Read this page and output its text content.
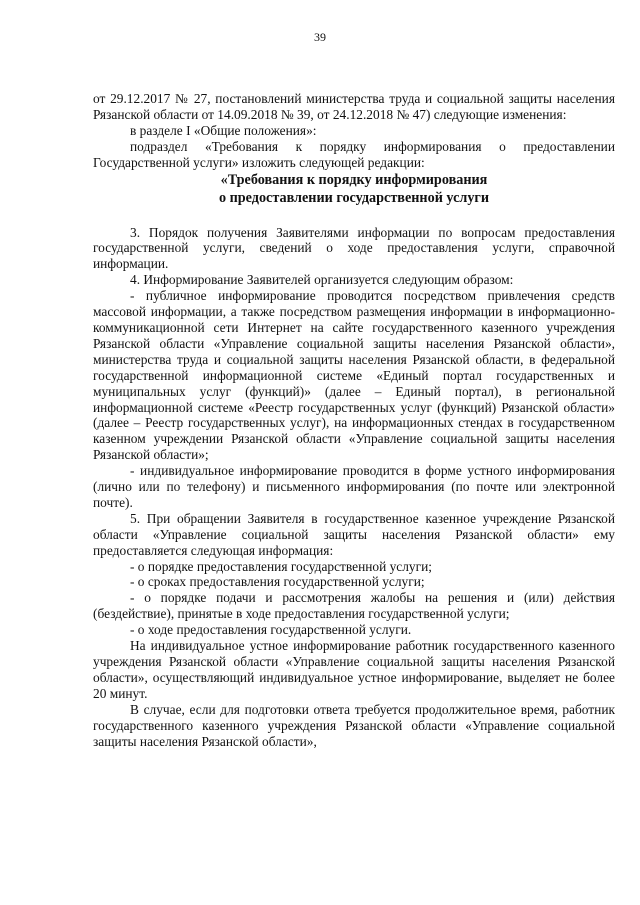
39

от 29.12.2017 № 27, постановлений министерства труда и социальной защиты населения Рязанской области от 14.09.2018 № 39, от 24.12.2018 № 47) следующие изменения:

в разделе I «Общие положения»:

подраздел «Требования к порядку информирования о предоставлении Государственной услуги» изложить следующей редакции:

«Требования к порядку информирования
о предоставлении государственной услуги

3. Порядок получения Заявителями информации по вопросам предоставления государственной услуги, сведений о ходе предоставления услуги, справочной информации.

4. Информирование Заявителей организуется следующим образом:

- публичное информирование проводится посредством привлечения средств массовой информации, а также посредством размещения информации в информационно-коммуникационной сети Интернет на сайте государственного казенного учреждения Рязанской области «Управление социальной защиты населения Рязанской области», министерства труда и социальной защиты населения Рязанской области, в федеральной государственной информационной системе «Единый портал государственных и муниципальных услуг (функций)» (далее – Единый портал), в региональной информационной системе «Реестр государственных услуг (функций) Рязанской области» (далее – Реестр государственных услуг), на информационных стендах в государственном казенном учреждении Рязанской области «Управление социальной защиты населения Рязанской области»;

- индивидуальное информирование проводится в форме устного информирования (лично или по телефону) и письменного информирования (по почте или электронной почте).

5. При обращении Заявителя в государственное казенное учреждение Рязанской области «Управление социальной защиты населения Рязанской области» ему предоставляется следующая информация:

- о порядке предоставления государственной услуги;

- о сроках предоставления государственной услуги;

- о порядке подачи и рассмотрения жалобы на решения и (или) действия (бездействие), принятые в ходе предоставления государственной услуги;

- о ходе предоставления государственной услуги.

На индивидуальное устное информирование работник государственного казенного учреждения Рязанской области «Управление социальной защиты населения Рязанской области», осуществляющий индивидуальное устное информирование, выделяет не более 20 минут.

В случае, если для подготовки ответа требуется продолжительное время, работник государственного казенного учреждения Рязанской области «Управление социальной защиты населения Рязанской области»,
